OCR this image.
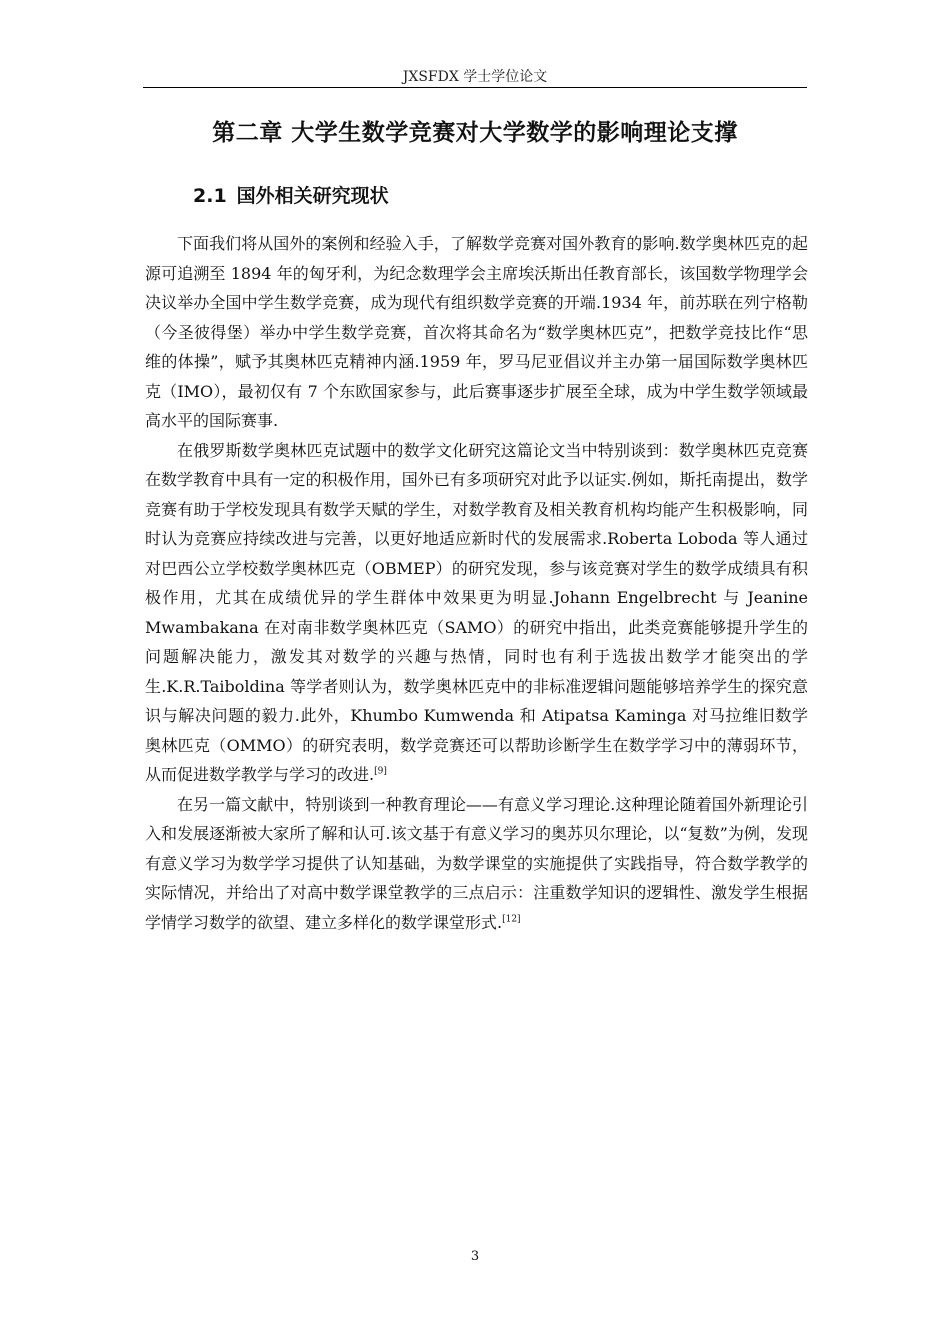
JXSFDX 学士学位论文
第二章 大学生数学竞赛对大学数学的影响理论支撑
2.1 国外相关研究现状

下面我们将从国外的案例和经验入手，了解数学竞赛对国外教育的影响.数学奥林匹克的起源可追溯至 1894 年的匈牙利，为纪念数理学会主席埃沃斯出任教育部长，该国数学物理学会决议举办全国中学生数学竞赛，成为现代有组织数学竞赛的开端.1934 年，前苏联在列宁格勒（今圣彼得堡）举办中学生数学竞赛，首次将其命名为“数学奥林匹克”，把数学竞技比作“思维的体操”，赋予其奥林匹克精神内涵.1959 年，罗马尼亚倡议并主办第一届国际数学奥林匹克（IMO），最初仅有 7 个东欧国家参与，此后赛事逐步扩展至全球，成为中学生数学领域最高水平的国际赛事.

在俄罗斯数学奥林匹克试题中的数学文化研究这篇论文当中特别谈到：数学奥林匹克竞赛在数学教育中具有一定的积极作用，国外已有多项研究对此予以证实.例如，斯托南提出，数学竞赛有助于学校发现具有数学天赋的学生，对数学教育及相关教育机构均能产生积极影响，同时认为竞赛应持续改进与完善，以更好地适应新时代的发展需求.Roberta Loboda 等人通过对巴西公立学校数学奥林匹克（OBMEP）的研究发现，参与该竞赛对学生的数学成绩具有积极作用，尤其在成绩优异的学生群体中效果更为明显.Johann Engelbrecht 与 Jeanine Mwambakana 在对南非数学奥林匹克（SAMO）的研究中指出，此类竞赛能够提升学生的问题解决能力，激发其对数学的兴趣与热情，同时也有利于选拔出数学才能突出的学生.K.R.Taiboldina 等学者则认为，数学奥林匹克中的非标准逻辑问题能够培养学生的探究意识与解决问题的毅力.此外，Khumbo Kumwenda 和 Atipatsa Kaminga 对马拉维旧数学奥林匹克（OMMO）的研究表明，数学竞赛还可以帮助诊断学生在数学学习中的薄弱环节，从而促进数学教学与学习的改进.[9]

在另一篇文献中，特别谈到一种教育理论——有意义学习理论.这种理论随着国外新理论引入和发展逐渐被大家所了解和认可.该文基于有意义学习的奥苏贝尔理论，以“复数”为例，发现有意义学习为数学学习提供了认知基础，为数学课堂的实施提供了实践指导，符合数学教学的实际情况，并给出了对高中数学课堂教学的三点启示：注重数学知识的逻辑性、激发学生根据学情学习数学的欲望、建立多样化的数学课堂形式.[12]

3
